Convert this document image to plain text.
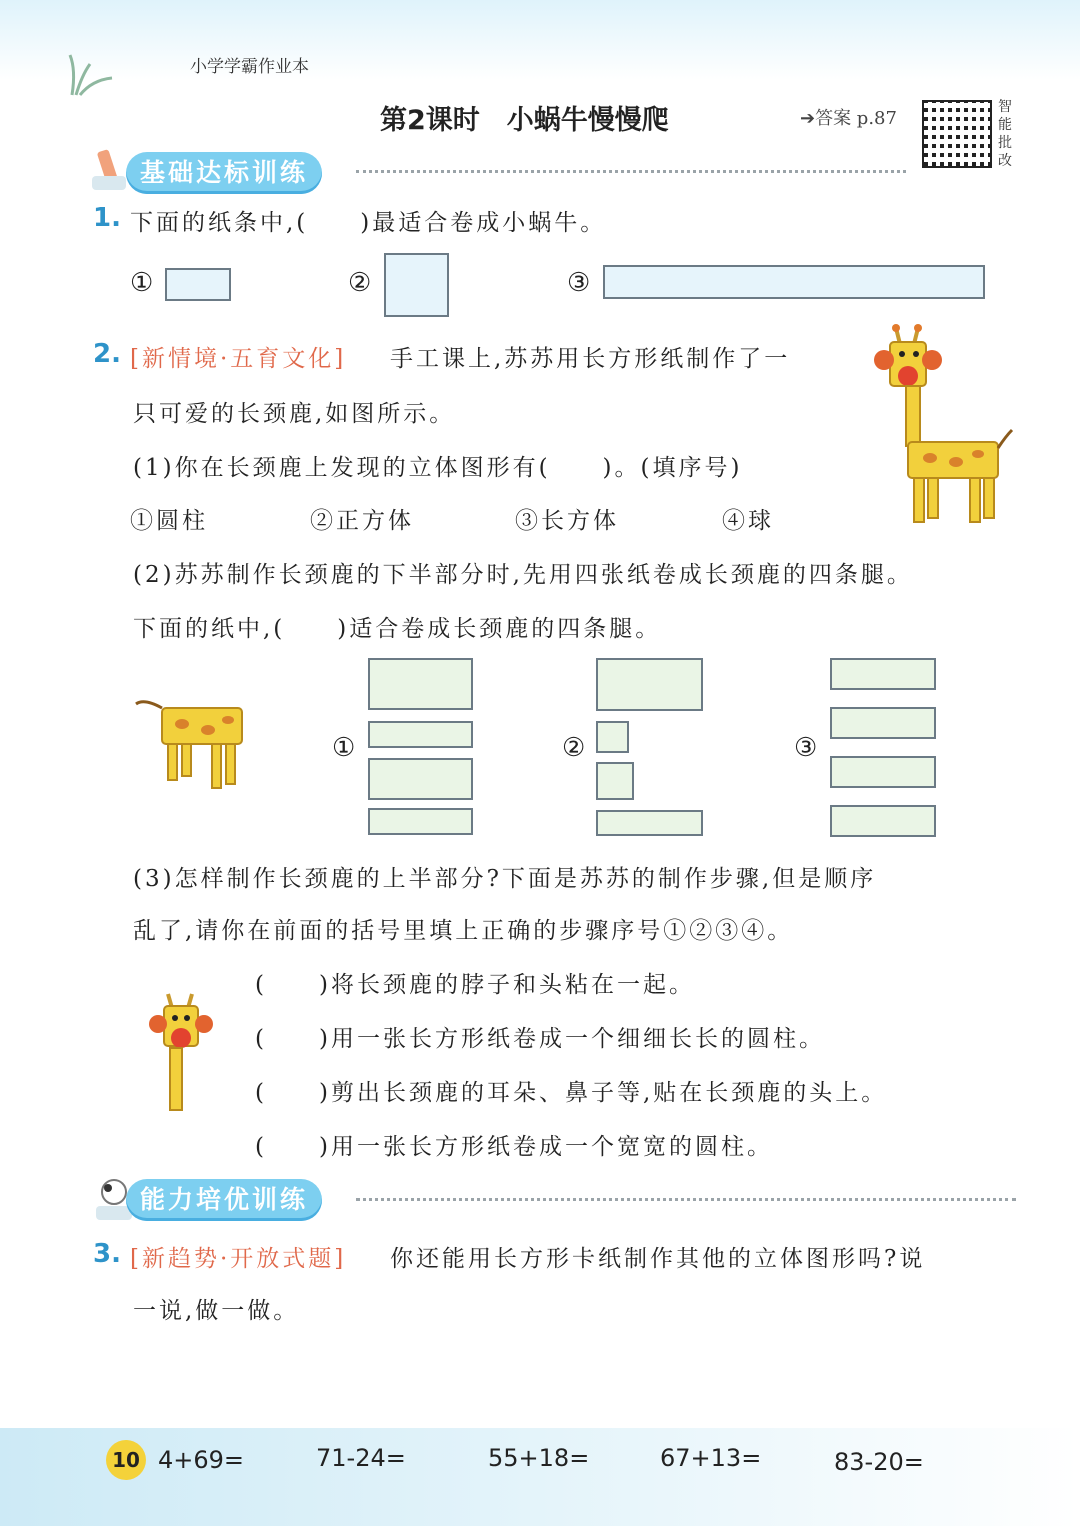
小学学霸作业本
第2课时　小蜗牛慢慢爬	➔答案 p.87
智能批改
基础达标训练
1. 下面的纸条中,(　　)最适合卷成小蜗牛。
①	②	③
2. [新情境·五育文化] 手工课上,苏苏用长方形纸制作了一
只可爱的长颈鹿,如图所示。
(1)你在长颈鹿上发现的立体图形有(　　)。(填序号)
①圆柱	②正方体	③长方体	④球
(2)苏苏制作长颈鹿的下半部分时,先用四张纸卷成长颈鹿的四条腿。
下面的纸中,(　　)适合卷成长颈鹿的四条腿。
①	②	③
(3)怎样制作长颈鹿的上半部分?下面是苏苏的制作步骤,但是顺序
乱了,请你在前面的括号里填上正确的步骤序号①②③④。
(　　)将长颈鹿的脖子和头粘在一起。
(　　)用一张长方形纸卷成一个细细长长的圆柱。
(　　)剪出长颈鹿的耳朵、鼻子等,贴在长颈鹿的头上。
(　　)用一张长方形纸卷成一个宽宽的圆柱。
能力培优训练
3. [新趋势·开放式题] 你还能用长方形卡纸制作其他的立体图形吗?说
一说,做一做。
10 4+69=	71-24=	55+18=	67+13=	83-20=
